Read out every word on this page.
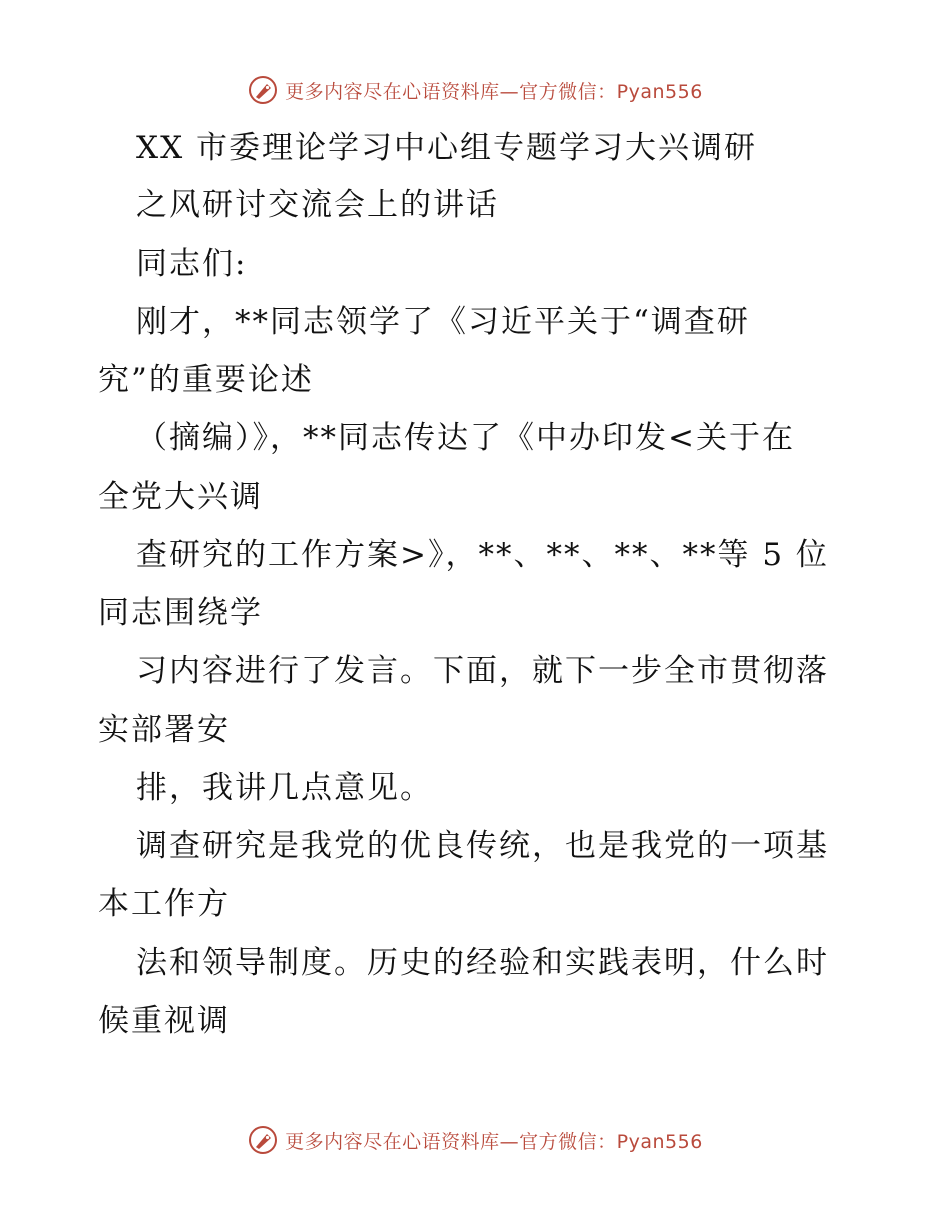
更多内容尽在心语资料库—官方微信：Pyan556
XX 市委理论学习中心组专题学习大兴调研
之风研讨交流会上的讲话
同志们:
刚才，**同志领学了《习近平关于“调查研
究”的重要论述
（摘编）》，**同志传达了《中办印发<关于在
全党大兴调
查研究的工作方案>》，**、**、**、**等 5 位
同志围绕学
习内容进行了发言。下面，就下一步全市贯彻落
实部署安
排，我讲几点意见。
调查研究是我党的优良传统，也是我党的一项基
本工作方
法和领导制度。历史的经验和实践表明，什么时
候重视调
更多内容尽在心语资料库—官方微信：Pyan556
